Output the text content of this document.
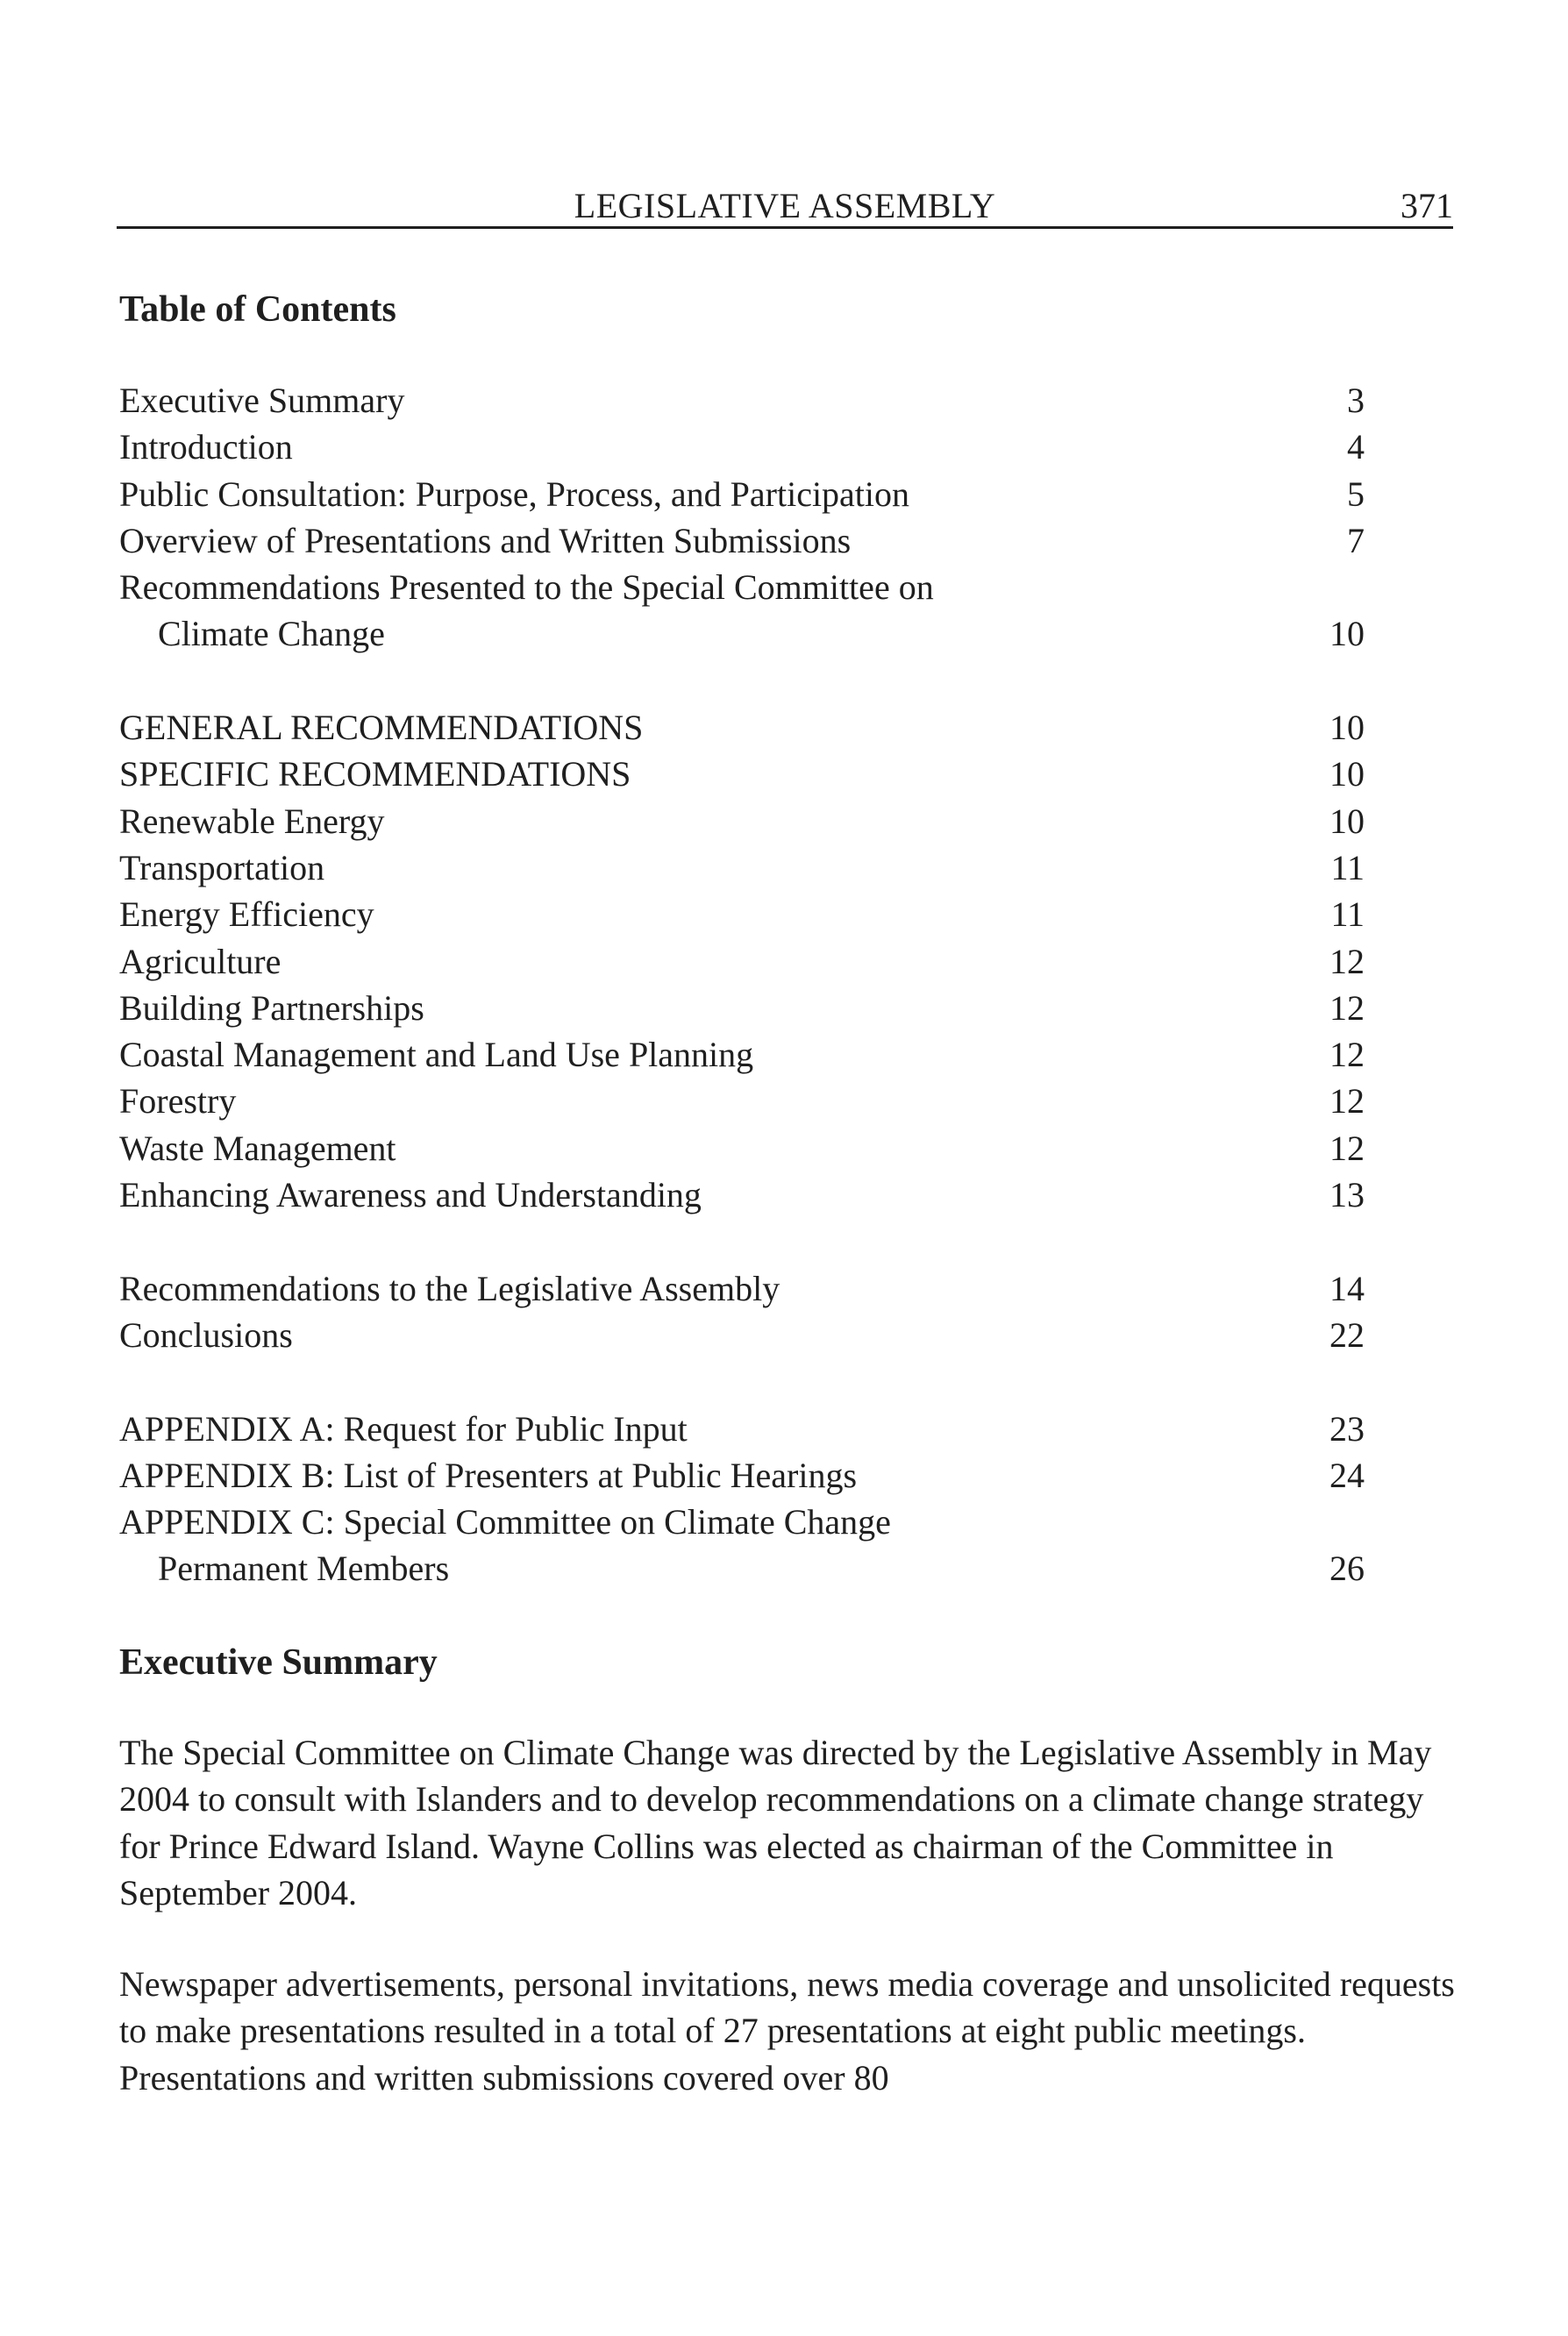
LEGISLATIVE ASSEMBLY	371
Table of Contents
Executive Summary	3
Introduction	4
Public Consultation: Purpose, Process, and Participation	5
Overview of Presentations and Written Submissions	7
Recommendations Presented to the Special Committee on
Climate Change	10
GENERAL RECOMMENDATIONS	10
SPECIFIC RECOMMENDATIONS	10
Renewable Energy	10
Transportation	11
Energy Efficiency	11
Agriculture	12
Building Partnerships	12
Coastal Management and Land Use Planning	12
Forestry	12
Waste Management	12
Enhancing Awareness and Understanding	13
Recommendations to the Legislative Assembly	14
Conclusions	22
APPENDIX A: Request for Public Input	23
APPENDIX B: List of Presenters at Public Hearings	24
APPENDIX C: Special Committee on Climate Change
Permanent Members	26
Executive Summary

The Special Committee on Climate Change was directed by the Legislative Assembly in May 2004 to consult with Islanders and to develop recommendations on a climate change strategy for Prince Edward Island. Wayne Collins was elected as chairman of the Committee in September 2004.

Newspaper advertisements, personal invitations, news media coverage and unsolicited requests to make presentations resulted in a total of 27 presentations at eight public meetings. Presentations and written submissions covered over 80
